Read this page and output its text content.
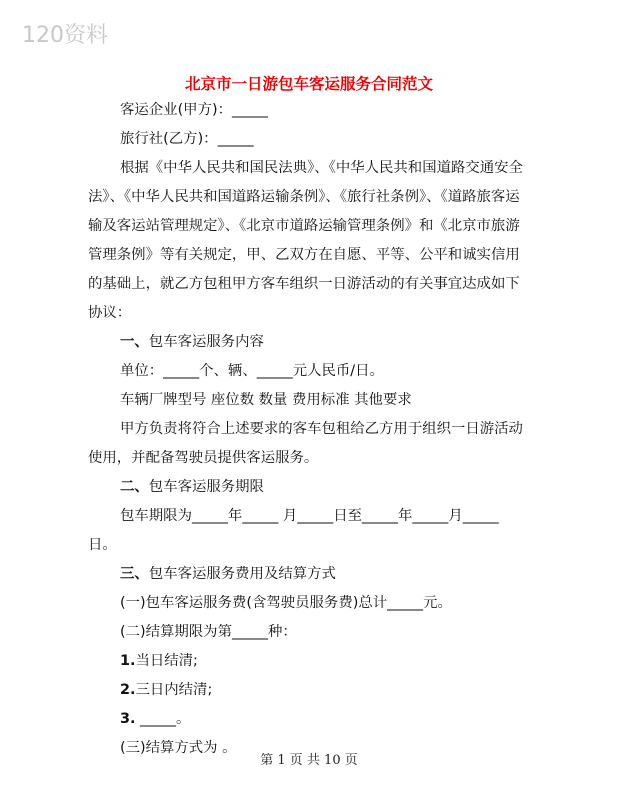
120资料
北京市一日游包车客运服务合同范文

客运企业(甲方)：_____

旅行社(乙方)：_____

根据《中华人民共和国民法典》、《中华人民共和国道路交通安全法》、《中华人民共和国道路运输条例》、《旅行社条例》、《道路旅客运输及客运站管理规定》、《北京市道路运输管理条例》和《北京市旅游管理条例》等有关规定，甲、乙双方在自愿、平等、公平和诚实信用的基础上，就乙方包租甲方客车组织一日游活动的有关事宜达成如下协议：

一、包车客运服务内容

单位：_____个、辆、_____元人民币/日。

车辆厂牌型号 座位数 数量 费用标准 其他要求

甲方负责将符合上述要求的客车包租给乙方用于组织一日游活动使用，并配备驾驶员提供客运服务。

二、包车客运服务期限

包车期限为_____年_____ 月_____日至_____年_____月_____日。

三、包车客运服务费用及结算方式

(一)包车客运服务费(含驾驶员服务费)总计_____元。

(二)结算期限为第_____种：

1.当日结清;

2.三日内结清;

3. _____。

(三)结算方式为 。

第 1 页 共 10 页
